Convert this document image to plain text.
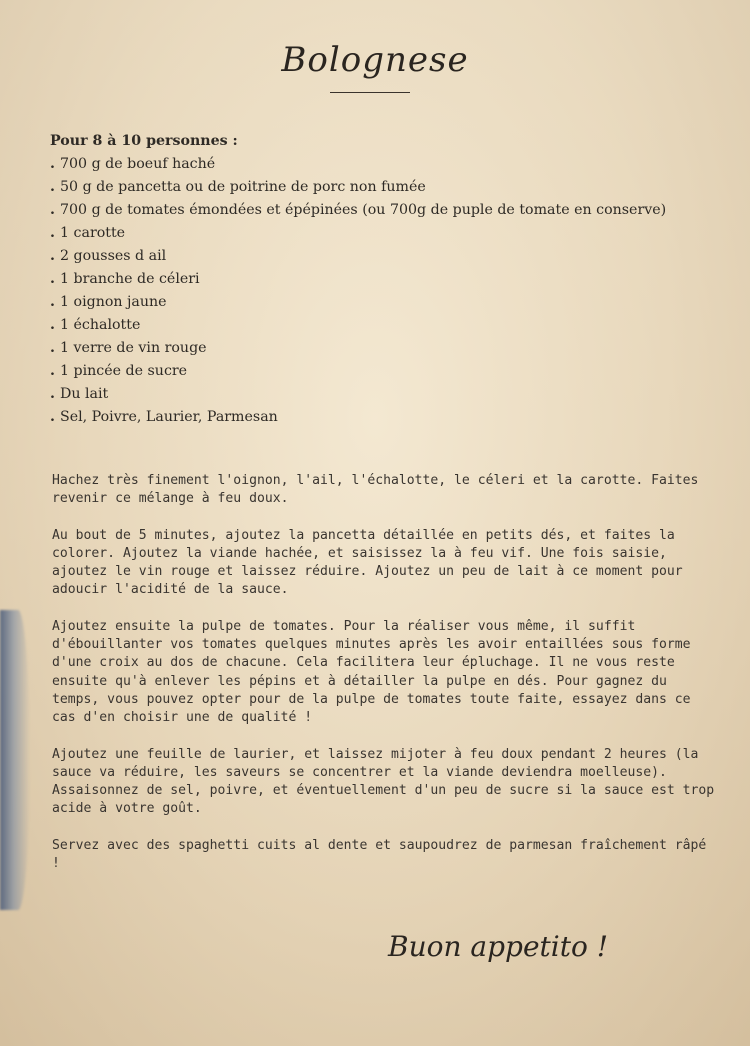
Bolognese
Pour 8 à 10 personnes :
. 700 g de boeuf haché
. 50 g de pancetta ou de poitrine de porc non fumée
. 700 g de tomates émondées et épépinées (ou 700g de puple de tomate en conserve)
. 1 carotte
. 2 gousses d ail
. 1 branche de céleri
. 1 oignon jaune
. 1 échalotte
. 1 verre de vin rouge
. 1 pincée de sucre
. Du lait
. Sel, Poivre, Laurier, Parmesan

Hachez très finement l'oignon, l'ail, l'échalotte, le céleri et la carotte. Faites revenir ce mélange à feu doux.

Au bout de 5 minutes, ajoutez la pancetta détaillée en petits dés, et faites la colorer. Ajoutez la viande hachée, et saisissez la à feu vif. Une fois saisie, ajoutez le vin rouge et laissez réduire. Ajoutez un peu de lait à ce moment pour adoucir l'acidité de la sauce.

Ajoutez ensuite la pulpe de tomates. Pour la réaliser vous même, il suffit d'ébouillanter vos tomates quelques minutes après les avoir entaillées sous forme d'une croix au dos de chacune. Cela facilitera leur épluchage. Il ne vous reste ensuite qu'à enlever les pépins et à détailler la pulpe en dés. Pour gagnez du temps, vous pouvez opter pour de la pulpe de tomates toute faite, essayez dans ce cas d'en choisir une de qualité !

Ajoutez une feuille de laurier, et laissez mijoter à feu doux pendant 2 heures (la sauce va réduire, les saveurs se concentrer et la viande deviendra moelleuse). Assaisonnez de sel, poivre, et éventuellement d'un peu de sucre si la sauce est trop acide à votre goût.

Servez avec des spaghetti cuits al dente et saupoudrez de parmesan fraîchement râpé !

Buon appetito !
